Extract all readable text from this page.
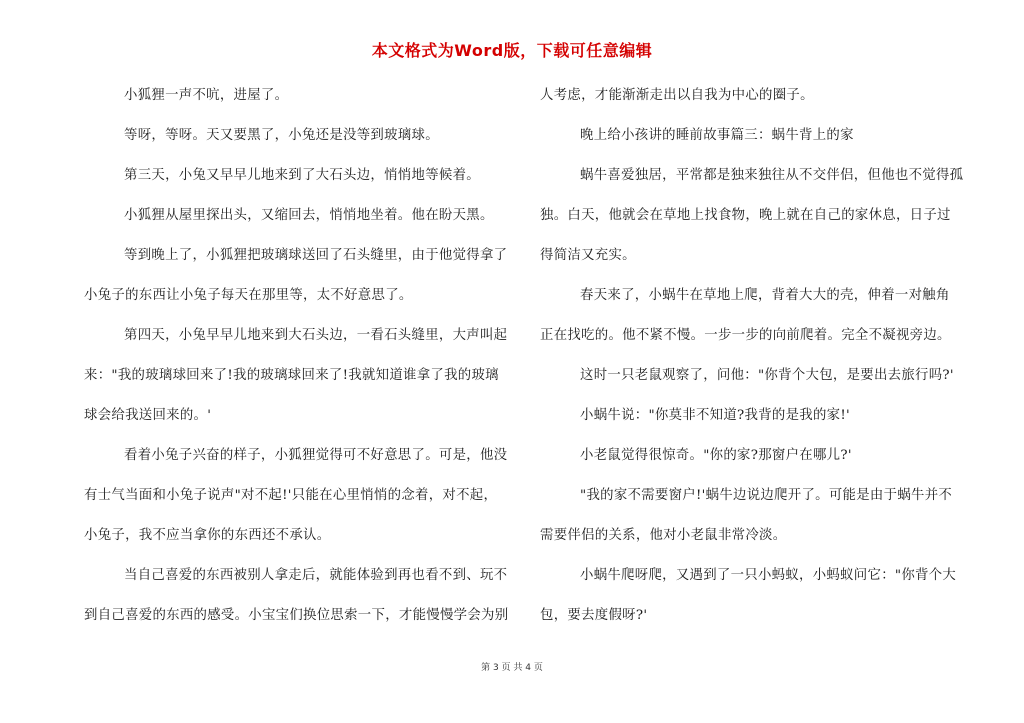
本文格式为Word版，下载可任意编辑
小狐狸一声不吭，进屋了。
等呀，等呀。天又要黑了，小兔还是没等到玻璃球。
第三天，小兔又早早儿地来到了大石头边，悄悄地等候着。
小狐狸从屋里探出头，又缩回去，悄悄地坐着。他在盼天黑。
等到晚上了，小狐狸把玻璃球送回了石头缝里，由于他觉得拿了
小兔子的东西让小兔子每天在那里等，太不好意思了。
第四天，小兔早早儿地来到大石头边，一看石头缝里，大声叫起
来："我的玻璃球回来了!我的玻璃球回来了!我就知道谁拿了我的玻璃
球会给我送回来的。'
看着小兔子兴奋的样子，小狐狸觉得可不好意思了。可是，他没
有士气当面和小兔子说声"对不起!'只能在心里悄悄的念着，对不起，
小兔子，我不应当拿你的东西还不承认。
当自己喜爱的东西被别人拿走后，就能体验到再也看不到、玩不
到自己喜爱的东西的感受。小宝宝们换位思索一下，才能慢慢学会为别
人考虑，才能渐渐走出以自我为中心的圈子。
晚上给小孩讲的睡前故事篇三：蜗牛背上的家
蜗牛喜爱独居，平常都是独来独往从不交伴侣，但他也不觉得孤
独。白天，他就会在草地上找食物，晚上就在自己的家休息，日子过
得简洁又充实。
春天来了，小蜗牛在草地上爬，背着大大的壳，伸着一对触角
正在找吃的。他不紧不慢。一步一步的向前爬着。完全不凝视旁边。
这时一只老鼠观察了，问他："你背个大包，是要出去旅行吗?'
小蜗牛说："你莫非不知道?我背的是我的家!'
小老鼠觉得很惊奇。"你的家?那窗户在哪儿?'
"我的家不需要窗户!'蜗牛边说边爬开了。可能是由于蜗牛并不
需要伴侣的关系，他对小老鼠非常冷淡。
小蜗牛爬呀爬，又遇到了一只小蚂蚁，小蚂蚁问它："你背个大
包，要去度假呀?'
第 3 页 共 4 页
